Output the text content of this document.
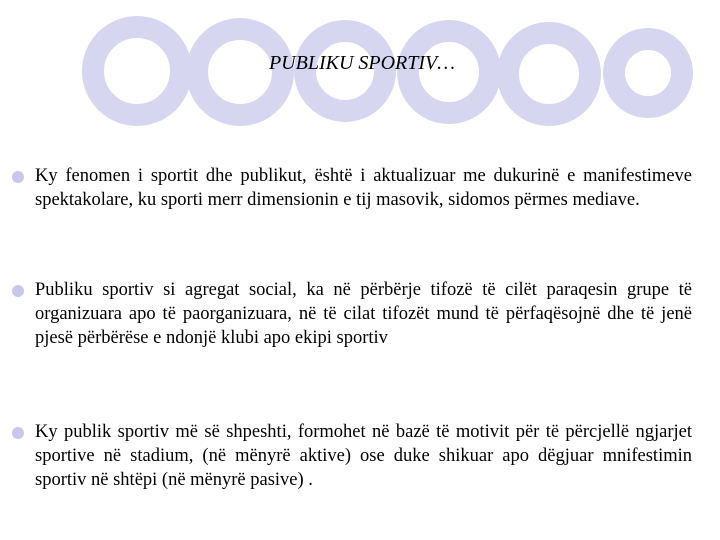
PUBLIKU SPORTIV…
Ky fenomen i sportit dhe publikut, është i aktualizuar me dukurinë e manifestimeve spektakolare, ku sporti merr dimensionin e tij masovik, sidomos përmes mediave.
Publiku sportiv si agregat social, ka në përbërje tifozë të cilët paraqesin grupe të organizuara apo të paorganizuara, në të cilat tifozët mund të përfaqësojnë dhe të jenë pjesë përbërëse e ndonjë klubi apo ekipi sportiv
Ky publik sportiv më së shpeshti, formohet në bazë të motivit për të përcjellë ngjarjet sportive në stadium, (në mënyrë aktive) ose duke shikuar apo dëgjuar mnifestimin sportiv në shtëpi (në mënyrë pasive) .
